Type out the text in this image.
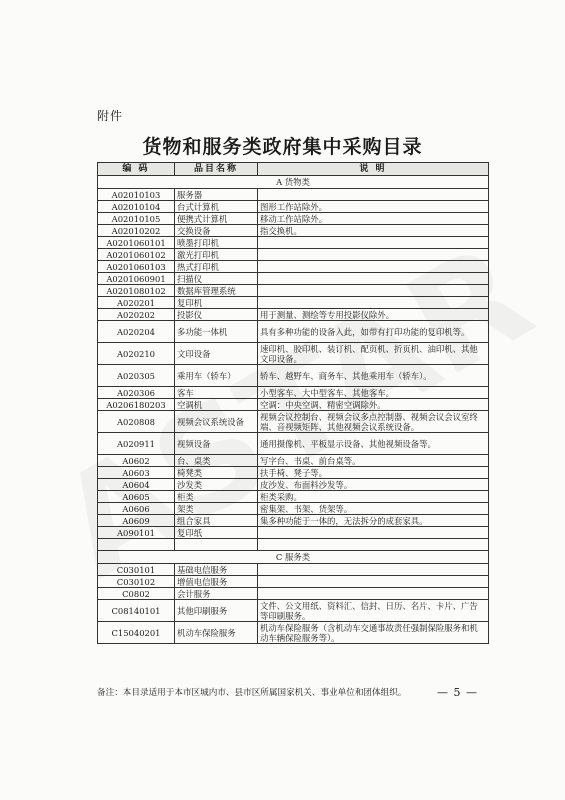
附件
货物和服务类政府集中采购目录
编 码	品目名称	说 明
A 货物类		
A02010103	服务器	
A02010104	台式计算机	图形工作站除外。
A02010105	便携式计算机	移动工作站除外。
A02010202	交换设备	指交换机。
A0201060101	喷墨打印机	
A0201060102	激光打印机	
A0201060103	热式打印机	
A0201060901	扫描仪	
A0201080102	数据库管理系统	
A020201	复印机	
A020202	投影仪	用于测量、测绘等专用投影仪除外。
A020204	多功能一体机	具有多种功能的设备入此，如带有打印功能的复印机等。
A020210	文印设备	速印机、胶印机、装订机、配页机、折页机、油印机、其他文印设备。
A020305	乘用车（轿车）	轿车、越野车、商务车、其他乘用车（轿车）。
A020306	客车	小型客车、大中型客车、其他客车。
A0206180203	空调机	空调：中央空调、精密空调除外。
A020808	视频会议系统设备	视频会议控制台、视频会议多点控制器、视频会议会议室终端、音视频矩阵、其他视频会议系统设备。
A020911	视频设备	通用摄像机、平板显示设备、其他视频设备等。
A0602	台、桌类	写字台、书桌、前台桌等。
A0603	椅凳类	扶手椅、凳子等。
A0604	沙发类	皮沙发、布面料沙发等。
A0605	柜类	柜类采购。
A0606	架类	密集架、书架、货架等。
A0609	组合家具	集多种功能于一体的，无法拆分的成套家具。
A090101	复印纸	

C 服务类		
C030101	基础电信服务	
C030102	增值电信服务	
C0802	会计服务	
C08140101	其他印刷服务	文件、公文用纸、资料汇、信封、日历、名片、卡片、广告等印刷服务。
C15040201	机动车保险服务	机动车保险服务（含机动车交通事故责任强制保险服务和机动车辆保险服务等）。
备注：本目录适用于本市区城内市、县市区所属国家机关、事业单位和团体组织。	— 5 —
